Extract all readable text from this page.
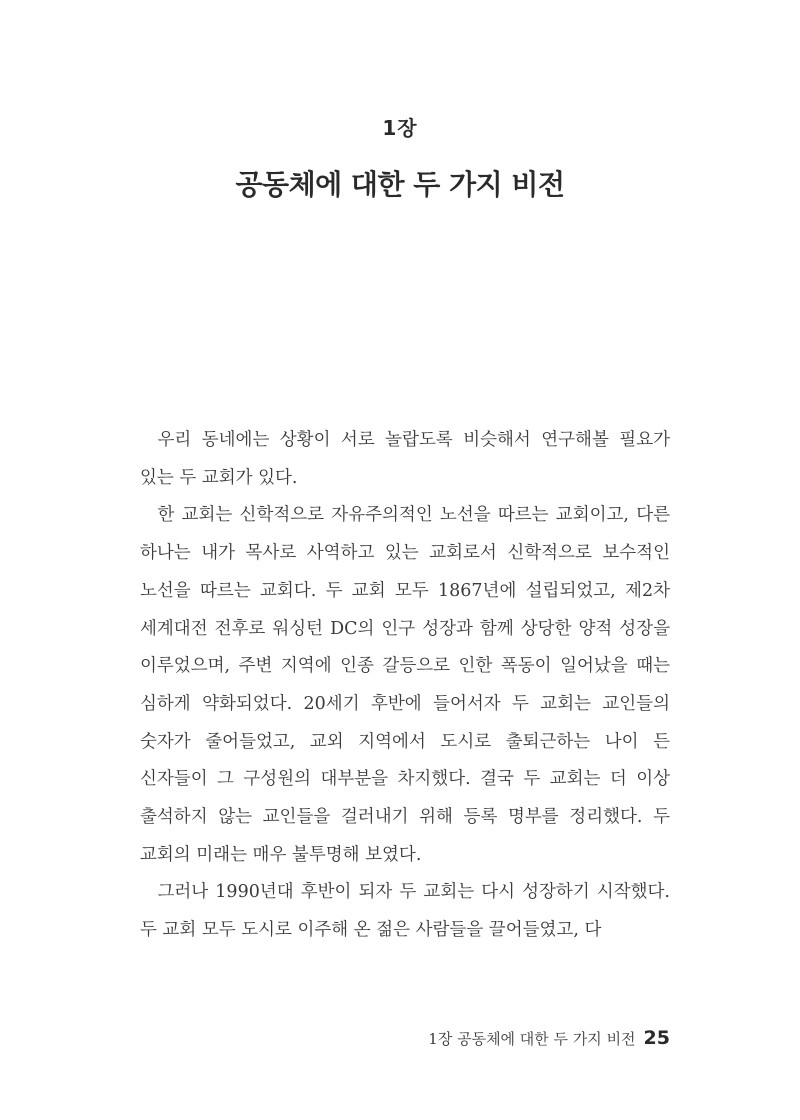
1장
공동체에 대한 두 가지 비전

우리 동네에는 상황이 서로 놀랍도록 비슷해서 연구해볼 필요가 있는 두 교회가 있다.

한 교회는 신학적으로 자유주의적인 노선을 따르는 교회이고, 다른 하나는 내가 목사로 사역하고 있는 교회로서 신학적으로 보수적인 노선을 따르는 교회다. 두 교회 모두 1867년에 설립되었고, 제2차 세계대전 전후로 워싱턴 DC의 인구 성장과 함께 상당한 양적 성장을 이루었으며, 주변 지역에 인종 갈등으로 인한 폭동이 일어났을 때는 심하게 약화되었다. 20세기 후반에 들어서자 두 교회는 교인들의 숫자가 줄어들었고, 교외 지역에서 도시로 출퇴근하는 나이 든 신자들이 그 구성원의 대부분을 차지했다. 결국 두 교회는 더 이상 출석하지 않는 교인들을 걸러내기 위해 등록 명부를 정리했다. 두 교회의 미래는 매우 불투명해 보였다.

그러나 1990년대 후반이 되자 두 교회는 다시 성장하기 시작했다. 두 교회 모두 도시로 이주해 온 젊은 사람들을 끌어들였고, 다

1장 공동체에 대한 두 가지 비전 25
